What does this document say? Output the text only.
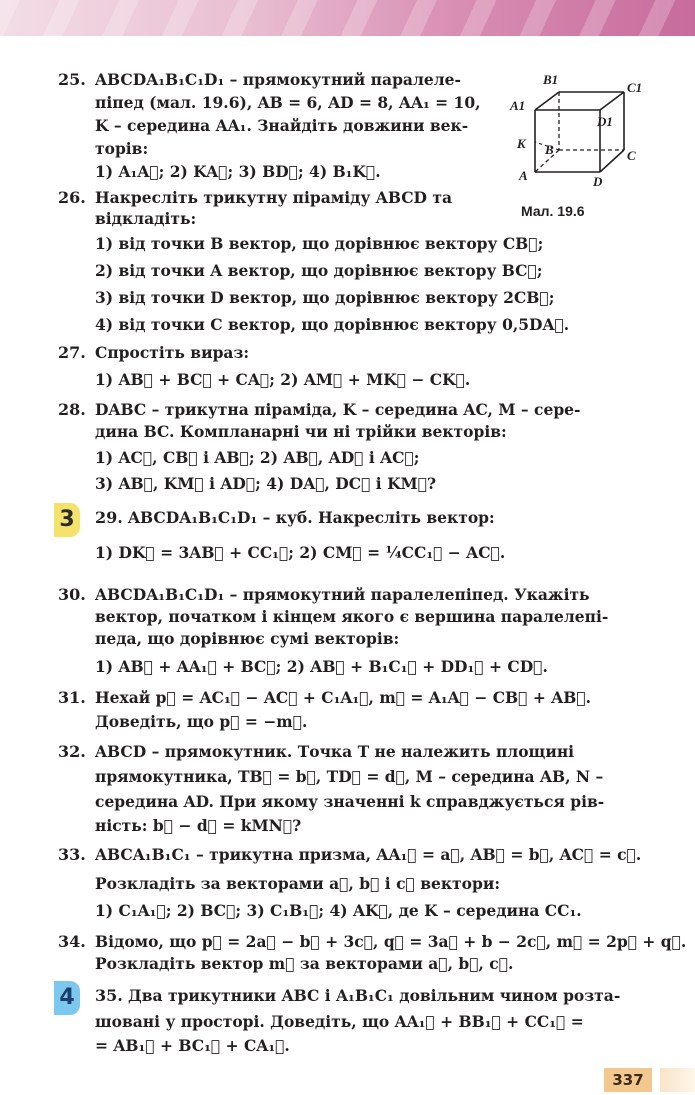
B1
C1
A1
D1
K B	C
A	D
Мал. 19.6
25. ABCDA₁B₁C₁D₁ – прямокутний паралеле-
піпед (мал. 19.6), AB = 6, AD = 8, AA₁ = 10,
K – середина AA₁. Знайдіть довжини век-
торів:
1) A₁A⃗; 2) KA⃗; 3) BD⃗; 4) B₁K⃗.
26. Накресліть трикутну піраміду ABCD та
відкладіть:
1) від точки B вектор, що дорівнює вектору CB⃗;
2) від точки A вектор, що дорівнює вектору BC⃗;
3) від точки D вектор, що дорівнює вектору 2CB⃗;
4) від точки C вектор, що дорівнює вектору 0,5DA⃗.
27. Спростіть вираз:
1) AB⃗ + BC⃗ + CA⃗; 2) AM⃗ + MK⃗ − CK⃗.
28. DABC – трикутна піраміда, K – середина AC, M – сере-
дина BC. Компланарні чи ні трійки векторів:
1) AC⃗, CB⃗ і AB⃗; 2) AB⃗, AD⃗ і AC⃗;
3) AB⃗, KM⃗ і AD⃗; 4) DA⃗, DC⃗ і KM⃗?
3	29. ABCDA₁B₁C₁D₁ – куб. Накресліть вектор:
1) DK⃗ = 3AB⃗ + CC₁⃗; 2) CM⃗ = ¼CC₁⃗ − AC⃗.
30. ABCDA₁B₁C₁D₁ – прямокутний паралелепіпед. Укажіть
вектор, початком і кінцем якого є вершина паралелепі-
педа, що дорівнює сумі векторів:
1) AB⃗ + AA₁⃗ + BC⃗; 2) AB⃗ + B₁C₁⃗ + DD₁⃗ + CD⃗.
31. Нехай p⃗ = AC₁⃗ − AC⃗ + C₁A₁⃗, m⃗ = A₁A⃗ − CB⃗ + AB⃗.
Доведіть, що p⃗ = −m⃗.
32. ABCD – прямокутник. Точка T не належить площині
прямокутника, TB⃗ = b⃗, TD⃗ = d⃗, M – середина AB, N –
середина AD. При якому значенні k справджується рів-
ність: b⃗ − d⃗ = kMN⃗?
33. ABCA₁B₁C₁ – трикутна призма, AA₁⃗ = a⃗, AB⃗ = b⃗, AC⃗ = c⃗.
Розкладіть за векторами a⃗, b⃗ і c⃗ вектори:
1) C₁A₁⃗; 2) BC⃗; 3) C₁B₁⃗; 4) AK⃗, де K – середина CC₁.
34. Відомо, що p⃗ = 2a⃗ − b⃗ + 3c⃗, q⃗ = 3a⃗ + b − 2c⃗, m⃗ = 2p⃗ + q⃗.
Розкладіть вектор m⃗ за векторами a⃗, b⃗, c⃗.
4	35. Два трикутники ABC і A₁B₁C₁ довільним чином розта-
шовані у просторі. Доведіть, що AA₁⃗ + BB₁⃗ + CC₁⃗ =
= AB₁⃗ + BC₁⃗ + CA₁⃗.
337
